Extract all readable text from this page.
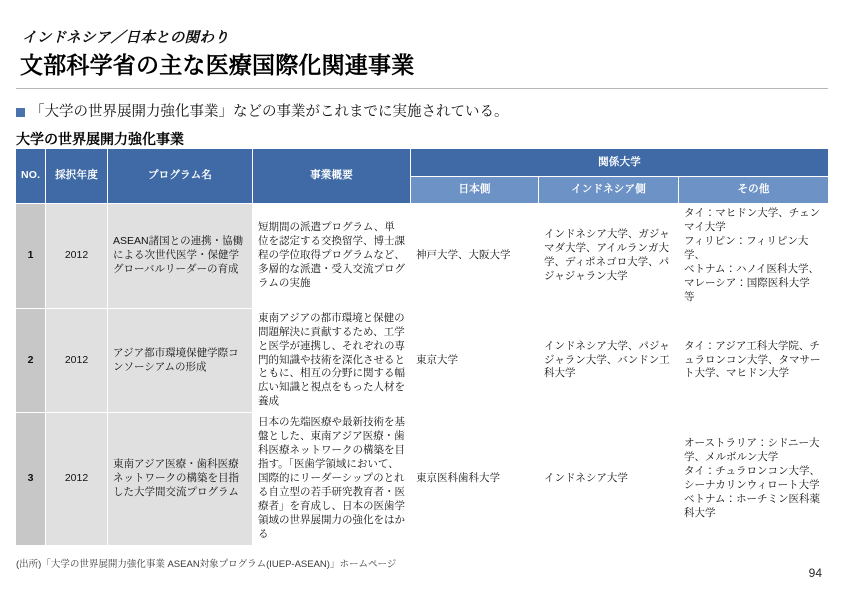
インドネシア／日本との関わり
文部科学省の主な医療国際化関連事業
「大学の世界展開力強化事業」などの事業がこれまでに実施されている。
大学の世界展開力強化事業
NO.	採択年度	プログラム名	事業概要	関係大学		
				日本側	インドネシア側	その他
1	2012	ASEAN諸国との連携・協働による次世代医学・保健学グローバルリーダーの育成	短期間の派遣プログラム、単位を認定する交換留学、博士課程の学位取得プログラムなど、多層的な派遣・受入交流プログラムの実施	神戸大学、大阪大学	インドネシア大学、ガジャマダ大学、アイルランガ大学、ディポネゴロ大学、パジャジャラン大学	タイ：マヒドン大学、チェンマイ大学
フィリピン：フィリピン大学、
ベトナム：ハノイ医科大学、
マレーシア：国際医科大学　等

2	2012	アジア都市環境保健学際コンソーシアムの形成	東南アジアの都市環境と保健の問題解決に貢献するため、工学と医学が連携し、それぞれの専門的知識や技術を深化させるとともに、相互の分野に関する幅広い知識と視点をもった人材を養成	東京大学	インドネシア大学、パジャジャラン大学、バンドン工科大学	タイ：アジア工科大学院、チュラロンコン大学、タマサート大学、マヒドン大学

3	2012	東南アジア医療・歯科医療ネットワークの構築を目指した大学間交流プログラム	日本の先端医療や最新技術を基盤とした、東南アジア医療・歯科医療ネットワークの構築を目指す。「医歯学領域において、国際的にリーダーシップのとれる自立型の若手研究教育者・医療者」を育成し、日本の医歯学領域の世界展開力の強化をはかる	東京医科歯科大学	インドネシア大学	オーストラリア：シドニー大学、メルボルン大学
タイ：チュラロンコン大学、シーナカリンウィロート大学
ベトナム：ホーチミン医科薬科大学
(出所)「大学の世界展開力強化事業 ASEAN対象プログラム(IUEP-ASEAN)」ホームページ
94
